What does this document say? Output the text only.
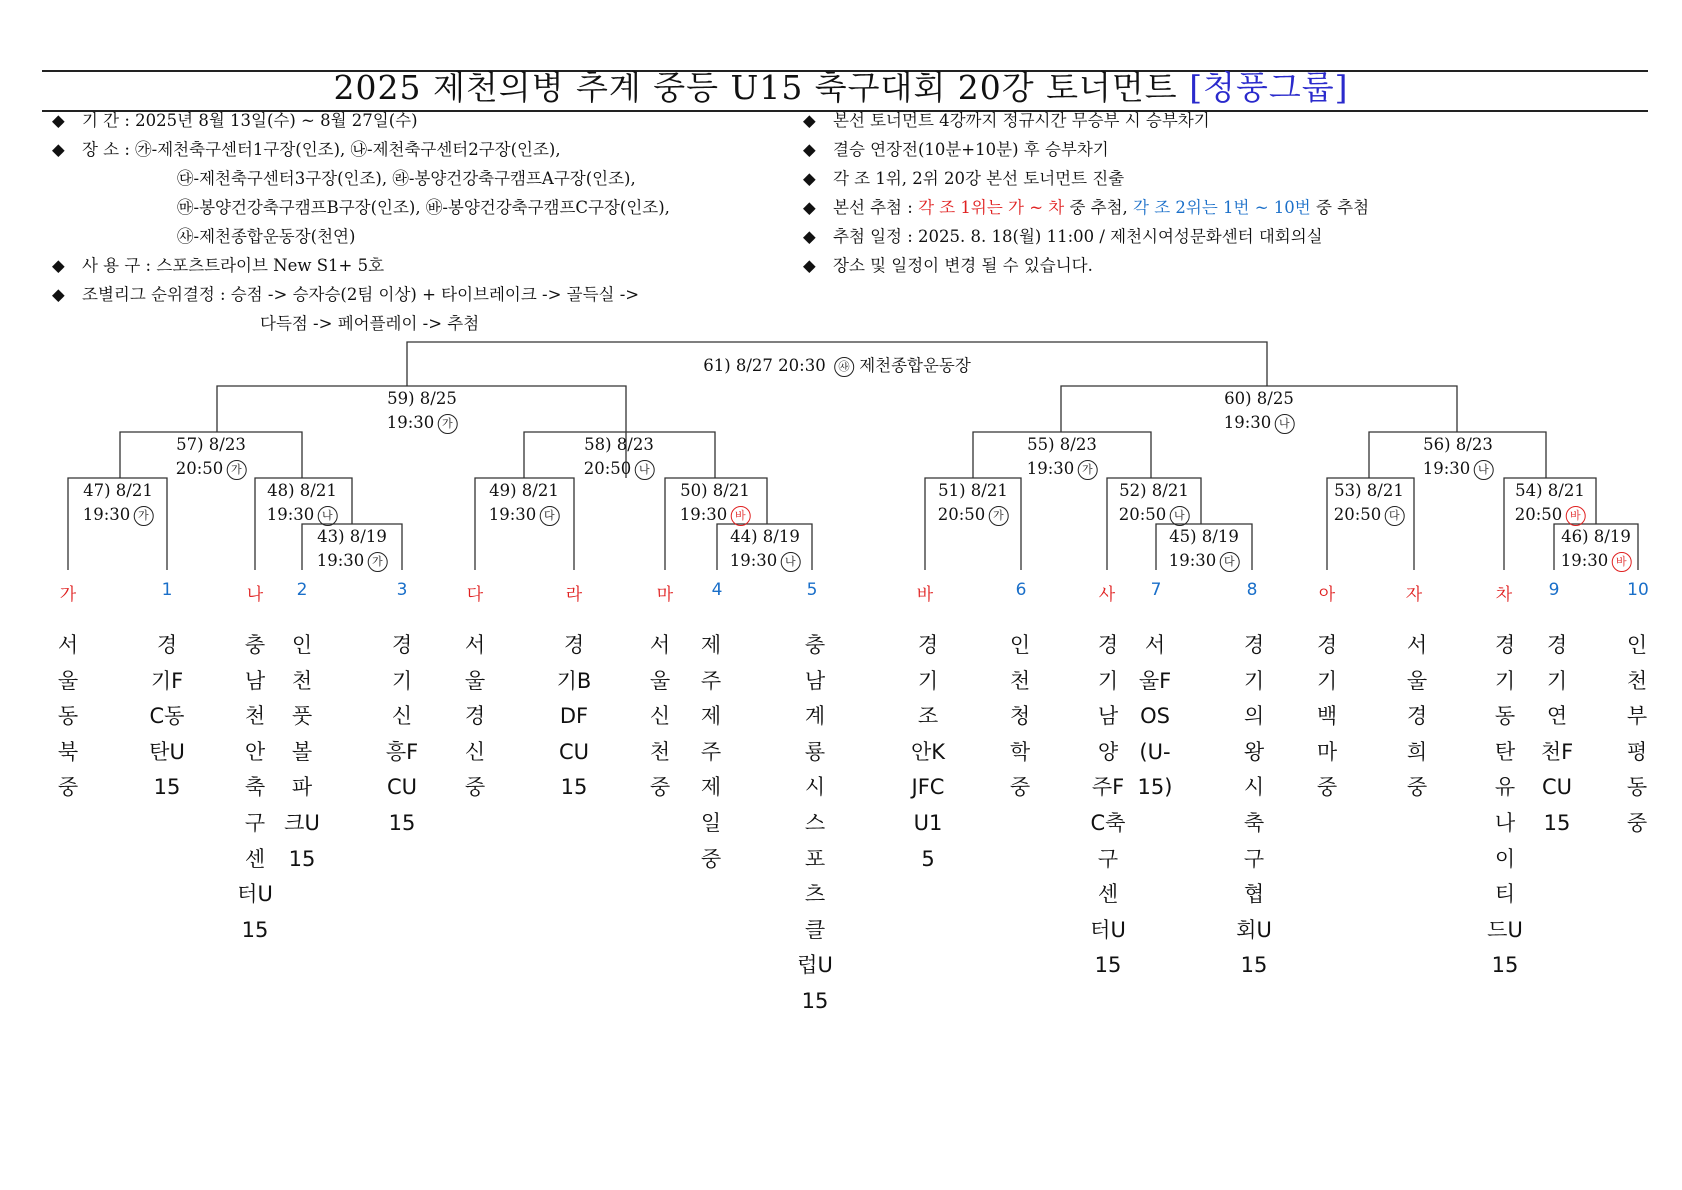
2025 제천의병 추계 중등 U15 축구대회 20강 토너먼트 [청풍그룹]
◆ 기 간 : 2025년 8월 13일(수) ~ 8월 27일(수)
◆ 장 소 : ㉮-제천축구센터1구장(인조), ㉯-제천축구센터2구장(인조),
㉰-제천축구센터3구장(인조), ㉱-봉양건강축구캠프A구장(인조),
㉲-봉양건강축구캠프B구장(인조), ㉳-봉양건강축구캠프C구장(인조),
㉴-제천종합운동장(천연)
◆ 사 용 구 : 스포츠트라이브 New S1+ 5호
◆ 조별리그 순위결정 : 승점 -> 승자승(2팀 이상) + 타이브레이크 -> 골득실 ->
다득점 -> 페어플레이 -> 추첨
◆ 본선 토너먼트 4강까지 정규시간 무승부 시 승부차기
◆ 결승 연장전(10분+10분) 후 승부차기
◆ 각 조 1위, 2위 20강 본선 토너먼트 진출
◆ 본선 추첨 : 각 조 1위는 가 ~ 차 중 추첨, 각 조 2위는 1번 ~ 10번 중 추첨
◆ 추첨 일정 : 2025. 8. 18(월) 11:00 / 제천시여성문화센터 대회의실
◆ 장소 및 일정이 변경 될 수 있습니다.
61) 8/27 20:30 ㉴ 제천종합운동장
59) 8/25
19:30 가
60) 8/25
19:30 나
57) 8/23
20:50 가
58) 8/23
20:50 나
55) 8/23
19:30 가
56) 8/23
19:30 나
47) 8/21
19:30 가
48) 8/21
19:30 나
49) 8/21
19:30 다
50) 8/21
19:30 바
51) 8/21
20:50 가
52) 8/21
20:50 나
53) 8/21
20:50 다
54) 8/21
20:50 바
43) 8/19
19:30 가
44) 8/19
19:30 나
45) 8/19
19:30 다
46) 8/19
19:30 바
가	1	나 2	3	다	라	마 4	5	바	6	사 7	8	아	자	차 9	10
서울동북중
경기FC동탄U15
충남천안축구센터U15
인천풋볼파크U15
경기신흥FCU15
서울경신중
경기BDFCU15
서울신천중
제주제주제일중
충남계룡시스포츠클럽U15
경기조안KJFCU15
인천청학중
경기남양주FC축구센터U15
서울FOS(U-15)
경기의왕시축구협회U15
경기백마중
서울경희중
경기동탄유나이티드U15
경기연천FCU15
인천부평동중
